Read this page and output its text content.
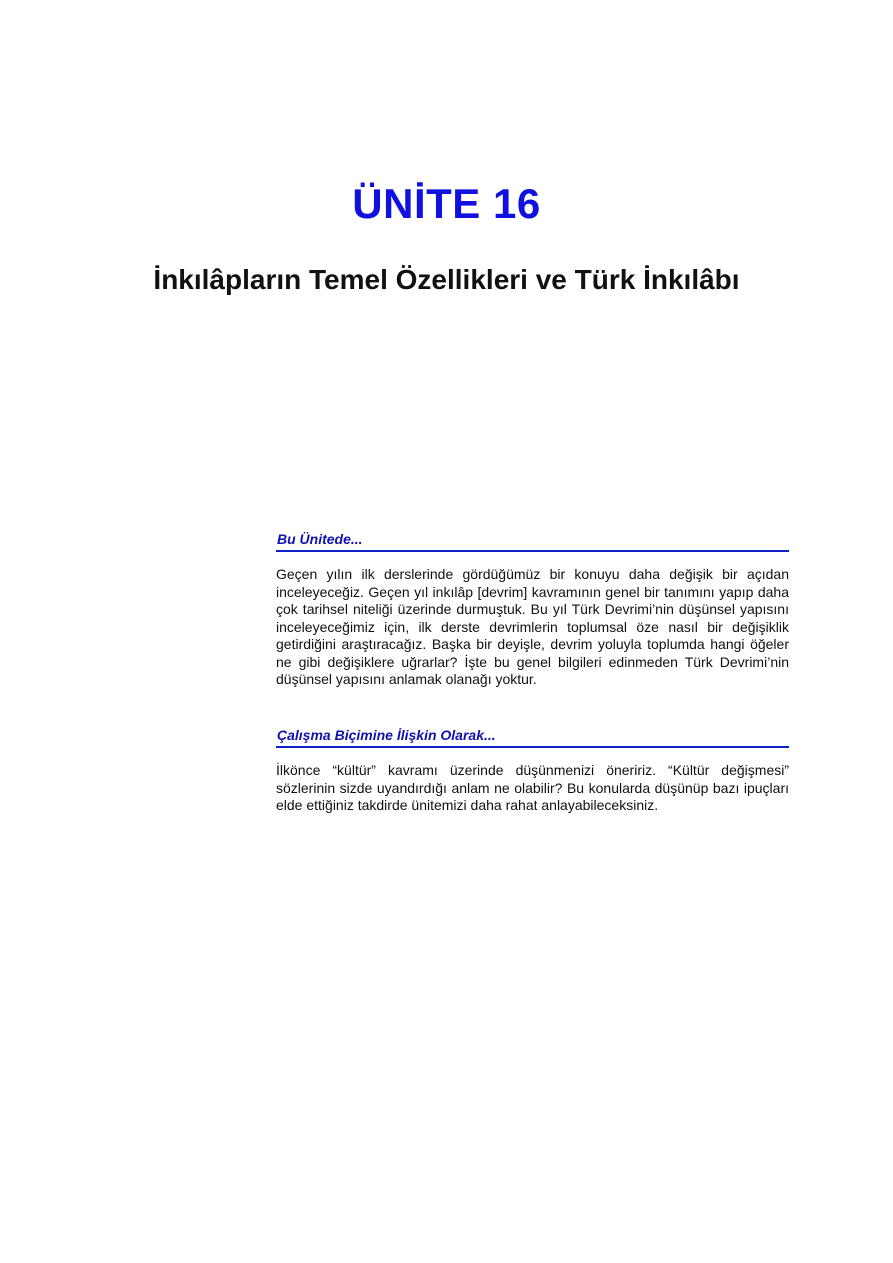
ÜNİTE 16
İnkılâpların Temel Özellikleri ve Türk İnkılâbı
Bu Ünitede...
Geçen yılın ilk derslerinde gördüğümüz bir konuyu daha değişik bir açıdan inceleyeceğiz. Geçen yıl inkılâp [devrim] kavramının genel bir tanımını yapıp daha çok tarihsel niteliği üzerinde durmuştuk. Bu yıl Türk Devrimi’nin düşünsel yapısını inceleyeceğimiz için, ilk derste devrimlerin toplumsal öze nasıl bir değişiklik getirdiğini araştıracağız. Başka bir deyişle, devrim yoluyla toplumda hangi öğeler ne gibi değişiklere uğrarlar? İşte bu genel bilgileri edinmeden Türk Devrimi’nin düşünsel yapısını anlamak olanağı yoktur.
Çalışma Biçimine İlişkin Olarak...
İlkönce “kültür” kavramı üzerinde düşünmenizi öneririz. “Kültür değişmesi” sözlerinin sizde uyandırdığı anlam ne olabilir? Bu konularda düşünüp bazı ipuçları elde ettiğiniz takdirde ünitemizi daha rahat anlayabileceksiniz.
